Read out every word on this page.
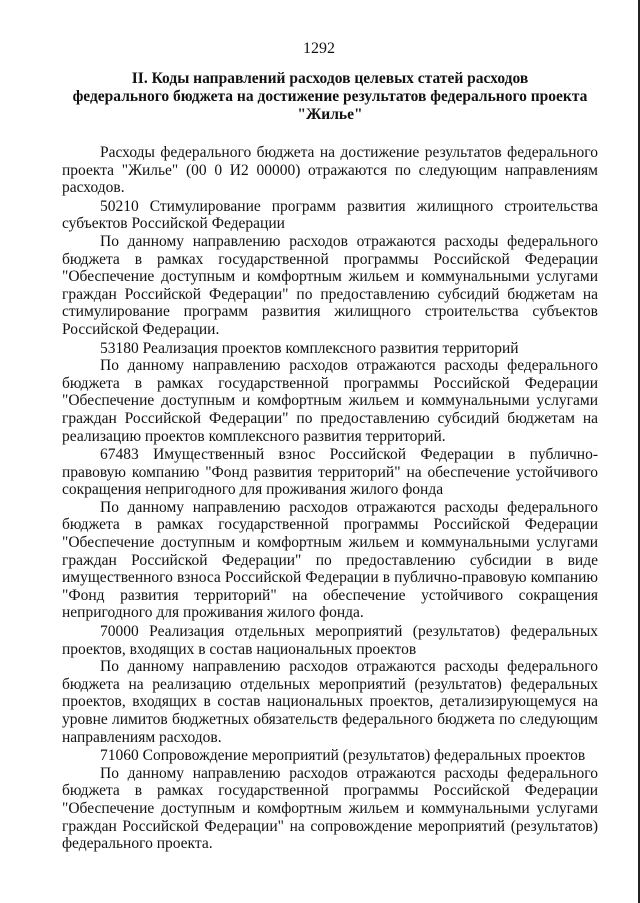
1292
II. Коды направлений расходов целевых статей расходов
федерального бюджета на достижение результатов федерального проекта
"Жилье"

Расходы федерального бюджета на достижение результатов федерального проекта "Жилье" (00 0 И2 00000) отражаются по следующим направлениям расходов.

50210 Стимулирование программ развития жилищного строительства субъектов Российской Федерации

По данному направлению расходов отражаются расходы федерального бюджета в рамках государственной программы Российской Федерации "Обеспечение доступным и комфортным жильем и коммунальными услугами граждан Российской Федерации" по предоставлению субсидий бюджетам на стимулирование программ развития жилищного строительства субъектов Российской Федерации.

53180 Реализация проектов комплексного развития территорий

По данному направлению расходов отражаются расходы федерального бюджета в рамках государственной программы Российской Федерации "Обеспечение доступным и комфортным жильем и коммунальными услугами граждан Российской Федерации" по предоставлению субсидий бюджетам на реализацию проектов комплексного развития территорий.

67483 Имущественный взнос Российской Федерации в публично-правовую компанию "Фонд развития территорий" на обеспечение устойчивого сокращения непригодного для проживания жилого фонда

По данному направлению расходов отражаются расходы федерального бюджета в рамках государственной программы Российской Федерации "Обеспечение доступным и комфортным жильем и коммунальными услугами граждан Российской Федерации" по предоставлению субсидии в виде имущественного взноса Российской Федерации в публично-правовую компанию "Фонд развития территорий" на обеспечение устойчивого сокращения непригодного для проживания жилого фонда.

70000 Реализация отдельных мероприятий (результатов) федеральных проектов, входящих в состав национальных проектов

По данному направлению расходов отражаются расходы федерального бюджета на реализацию отдельных мероприятий (результатов) федеральных проектов, входящих в состав национальных проектов, детализирующемуся на уровне лимитов бюджетных обязательств федерального бюджета по следующим направлениям расходов.

71060 Сопровождение мероприятий (результатов) федеральных проектов

По данному направлению расходов отражаются расходы федерального бюджета в рамках государственной программы Российской Федерации "Обеспечение доступным и комфортным жильем и коммунальными услугами граждан Российской Федерации" на сопровождение мероприятий (результатов) федерального проекта.
